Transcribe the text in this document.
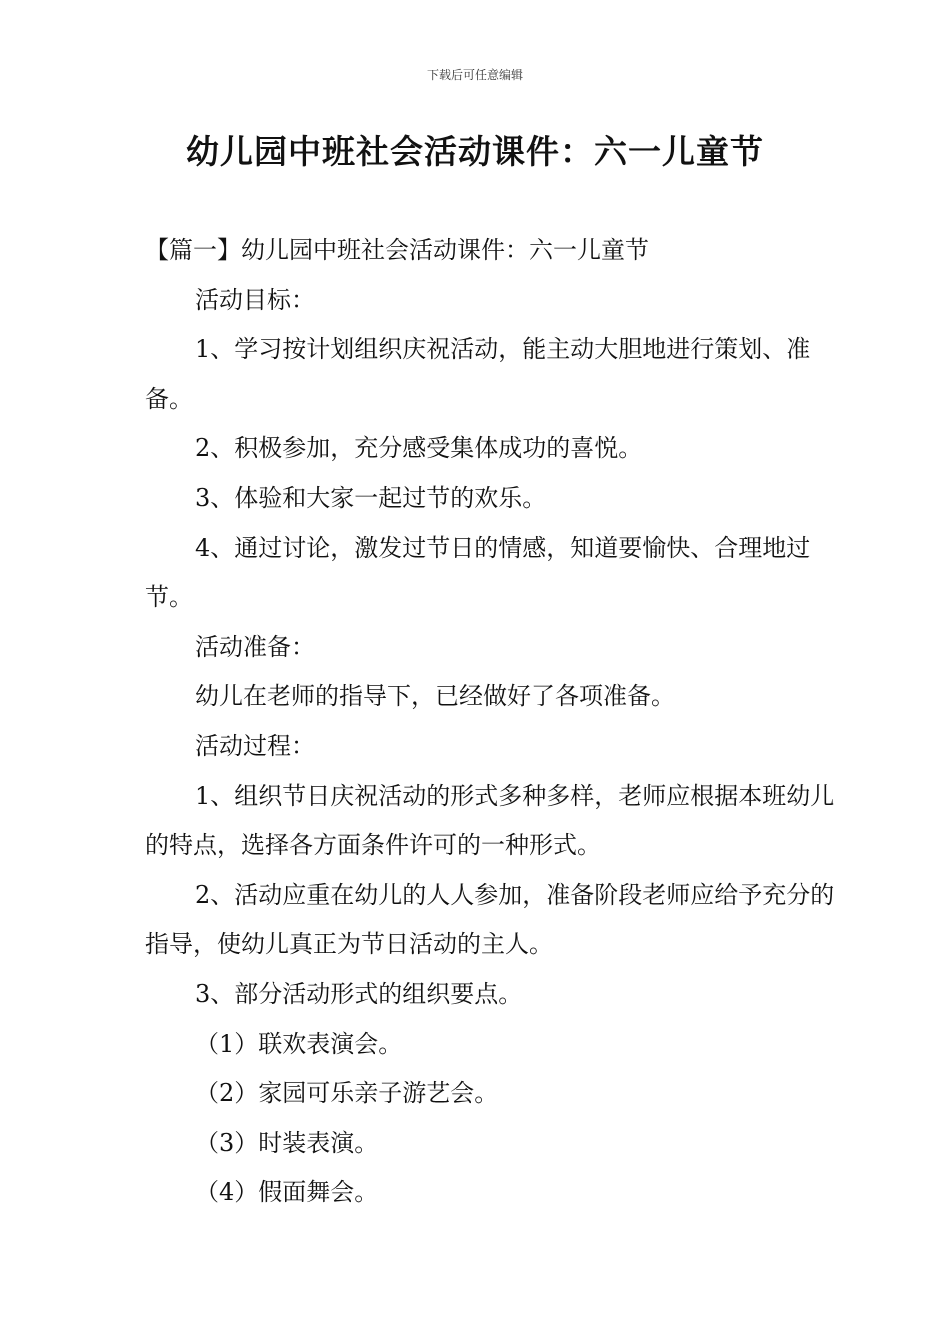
下载后可任意编辑
幼儿园中班社会活动课件：六一儿童节

【篇一】幼儿园中班社会活动课件：六一儿童节

活动目标：

1、学习按计划组织庆祝活动，能主动大胆地进行策划、准备。

2、积极参加，充分感受集体成功的喜悦。

3、体验和大家一起过节的欢乐。

4、通过讨论，激发过节日的情感，知道要愉快、合理地过节。

活动准备：

幼儿在老师的指导下，已经做好了各项准备。

活动过程：

1、组织节日庆祝活动的形式多种多样，老师应根据本班幼儿的特点，选择各方面条件许可的一种形式。

2、活动应重在幼儿的人人参加，准备阶段老师应给予充分的指导，使幼儿真正为节日活动的主人。

3、部分活动形式的组织要点。

（1）联欢表演会。

（2）家园可乐亲子游艺会。

（3）时装表演。

（4）假面舞会。
